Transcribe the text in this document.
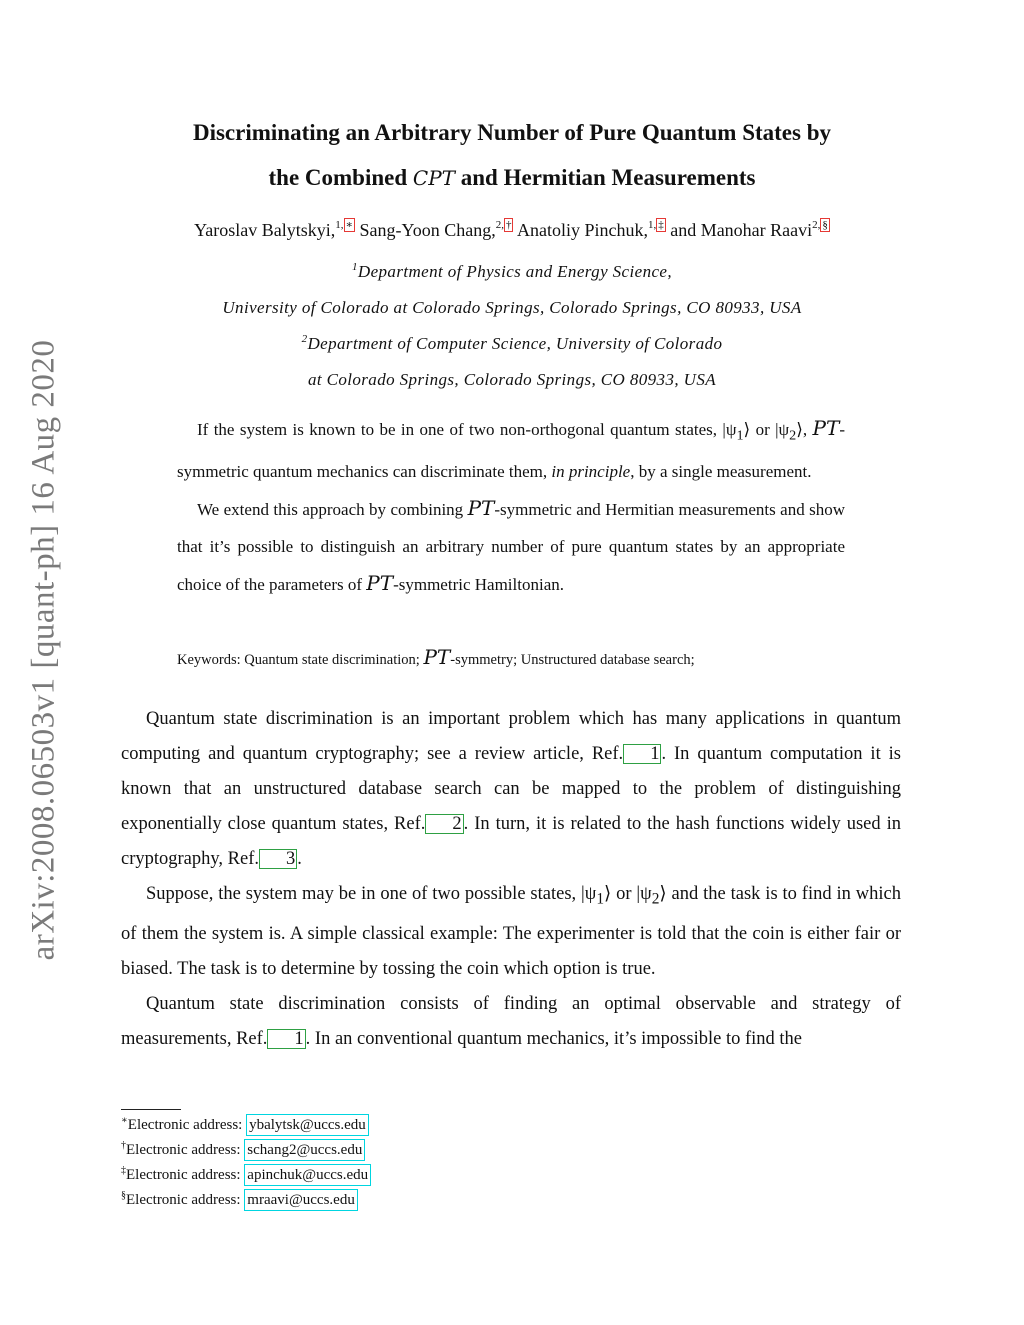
arXiv:2008.06503v1 [quant-ph] 16 Aug 2020
Discriminating an Arbitrary Number of Pure Quantum States by
the Combined CPT and Hermitian Measurements
Yaroslav Balytskyi,$^{1, ∗}$ Sang-Yoon Chang,$^{2, \dagger}$ Anatoliy Pinchuk,$^{1, \ddagger}$ and Manohar Raavi$^{2, \S}$
$^1$Department of Physics and Energy Science,
University of Colorado at Colorado Springs, Colorado Springs, CO 80933, USA
$^2$Department of Computer Science, University of Colorado
at Colorado Springs, Colorado Springs, CO 80933, USA

If the system is known to be in one of two non-orthogonal quantum states, $|\psi_1⟩$ or $|\psi_2⟩$, PT-symmetric quantum mechanics can discriminate them, in principle, by a single measurement.

We extend this approach by combining PT-symmetric and Hermitian measurements and show that it’s possible to distinguish an arbitrary number of pure quantum states by an appropriate choice of the parameters of PT-symmetric Hamiltonian.

Keywords: Quantum state discrimination; PT-symmetry; Unstructured database search;

Quantum state discrimination is an important problem which has many applications in quantum computing and quantum cryptography; see a review article, Ref. 1 . In quantum computation it is known that an unstructured database search can be mapped to the problem of distinguishing exponentially close quantum states, Ref. 2 . In turn, it is related to the hash functions widely used in cryptography, Ref. 3 .

Suppose, the system may be in one of two possible states, $|\psi_1⟩$ or $|\psi_2⟩$ and the task is to find in which of them the system is. A simple classical example: The experimenter is told that the coin is either fair or biased. The task is to determine by tossing the coin which option is true.

Quantum state discrimination consists of finding an optimal observable and strategy of measurements, Ref. 1 . In an conventional quantum mechanics, it’s impossible to find the

∗Electronic address: ybalytsk@uccs.edu
†Electronic address: schang2@uccs.edu
‡Electronic address: apinchuk@uccs.edu
§Electronic address: mraavi@uccs.edu
